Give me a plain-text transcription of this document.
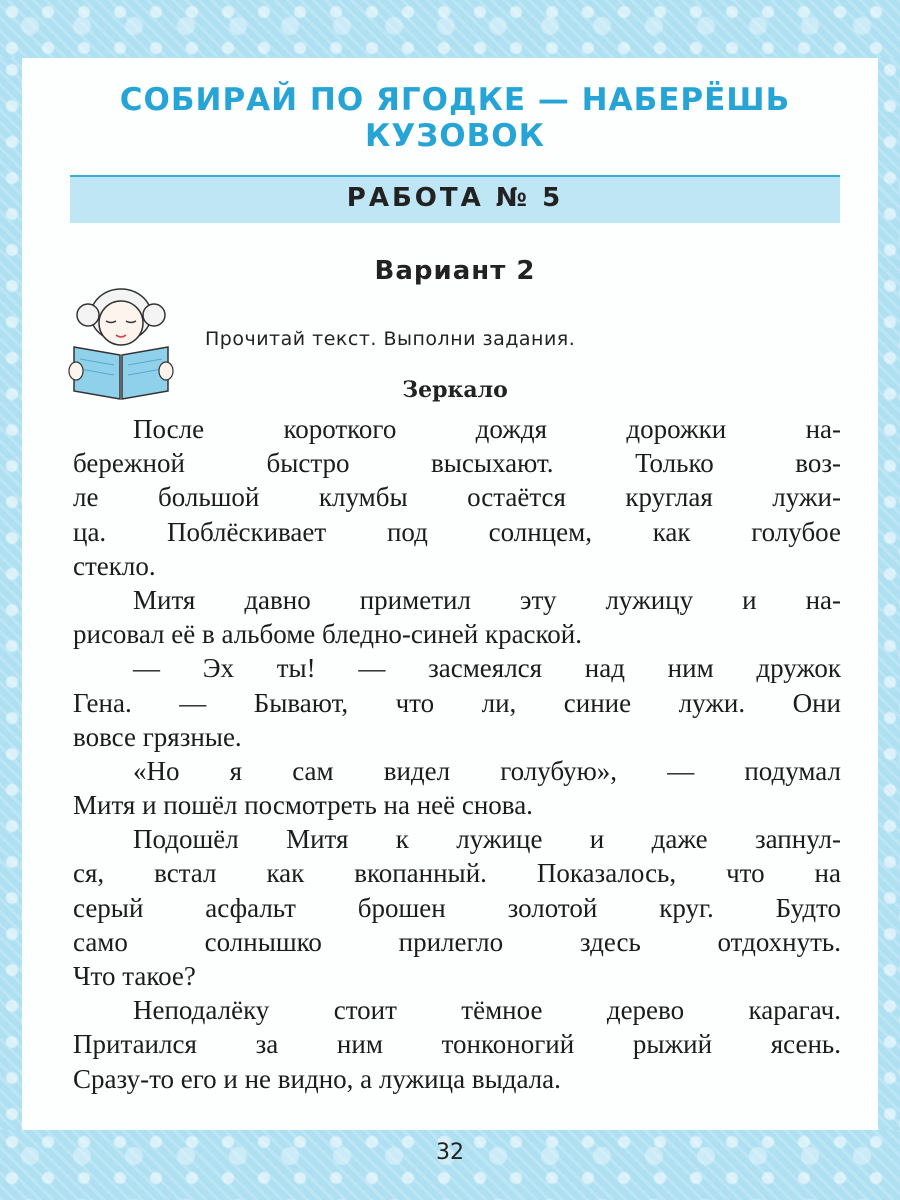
СОБИРАЙ ПО ЯГОДКЕ — НАБЕРЁШЬ
КУЗОВОК
РАБОТА № 5
Вариант 2
Прочитай текст. Выполни задания.
Зеркало
После короткого дождя дорожки на-
бережной быстро высыхают. Только воз-
ле большой клумбы остаётся круглая лужи-
ца. Поблёскивает под солнцем, как голубое
стекло.
Митя давно приметил эту лужицу и на-
рисовал её в альбоме бледно-синей краской.
— Эх ты! — засмеялся над ним дружок
Гена. — Бывают, что ли, синие лужи. Они
вовсе грязные.
«Но я сам видел голубую», — подумал
Митя и пошёл посмотреть на неё снова.
Подошёл Митя к лужице и даже запнул-
ся, встал как вкопанный. Показалось, что на
серый асфальт брошен золотой круг. Будто
само солнышко прилегло здесь отдохнуть.
Что такое?
Неподалёку стоит тёмное дерево карагач.
Притаился за ним тонконогий рыжий ясень.
Сразу-то его и не видно, а лужица выдала.
32
